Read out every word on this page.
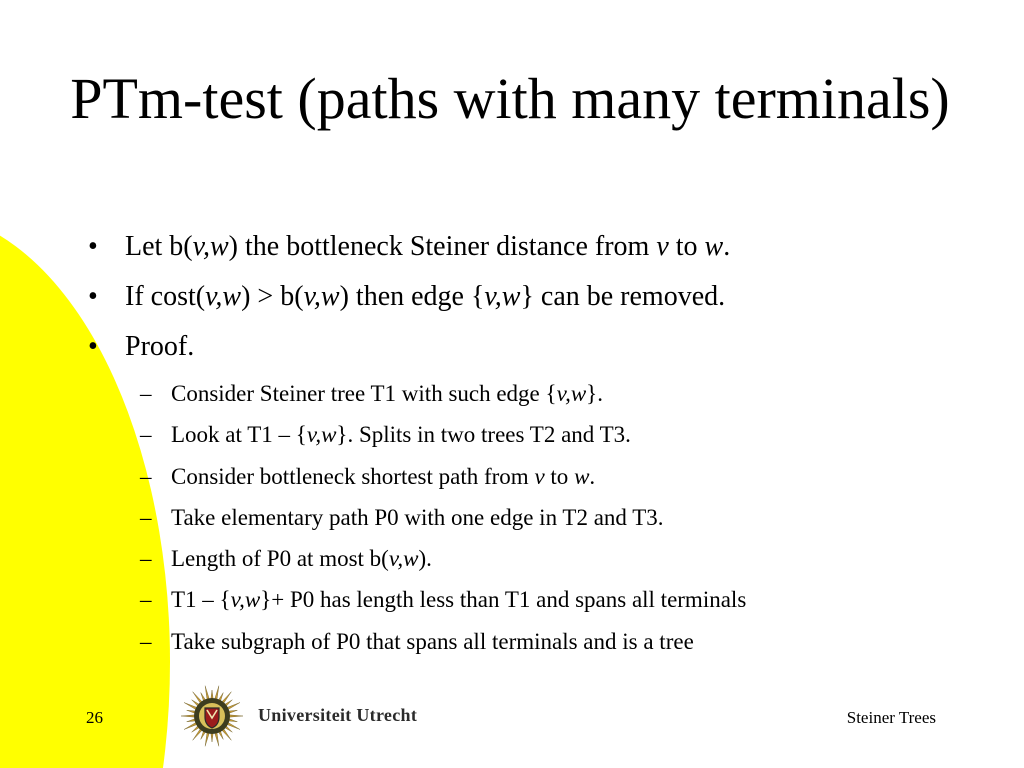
PTm-test (paths with many terminals)
• Let b(v,w) the bottleneck Steiner distance from v to w.
• If cost(v,w) > b(v,w) then edge {v,w} can be removed.
• Proof.
– Consider Steiner tree T1 with such edge {v,w}.
– Look at T1 – {v,w}. Splits in two trees T2 and T3.
– Consider bottleneck shortest path from v to w.
– Take elementary path P0 with one edge in T2 and T3.
– Length of P0 at most b(v,w).
– T1 – {v,w}+ P0 has length less than T1 and spans all terminals
– Take subgraph of P0 that spans all terminals and is a tree
26	Universiteit Utrecht	Steiner Trees
